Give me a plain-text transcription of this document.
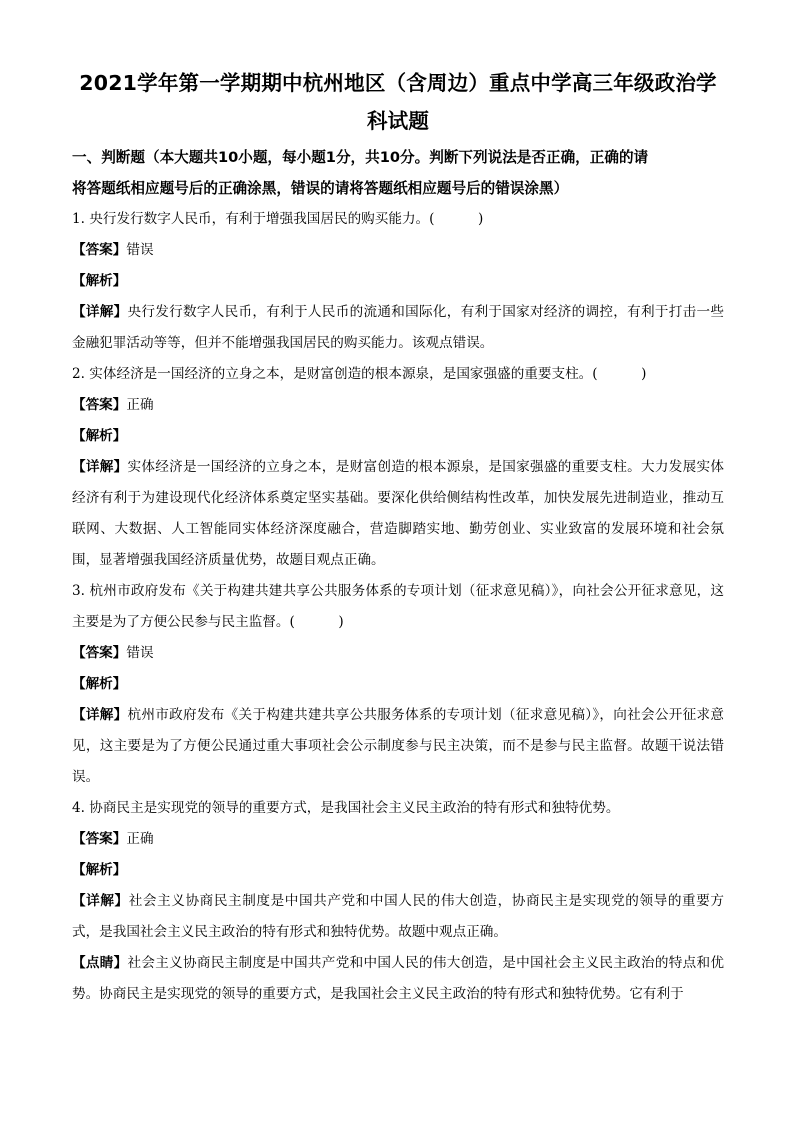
2021学年第一学期期中杭州地区（含周边）重点中学高三年级政治学
科试题
一、判断题（本大题共10小题，每小题1分，共10分。判断下列说法是否正确，正确的请
将答题纸相应题号后的正确涂黑，错误的请将答题纸相应题号后的错误涂黑）

1. 央行发行数字人民币，有利于增强我国居民的购买能力。(	)

【答案】错误

【解析】

【详解】央行发行数字人民币，有利于人民币的流通和国际化，有利于国家对经济的调控，有利于打击一些金融犯罪活动等等，但并不能增强我国居民的购买能力。该观点错误。

2. 实体经济是一国经济的立身之本，是财富创造的根本源泉，是国家强盛的重要支柱。(	)

【答案】正确

【解析】

【详解】实体经济是一国经济的立身之本，是财富创造的根本源泉，是国家强盛的重要支柱。大力发展实体经济有利于为建设现代化经济体系奠定坚实基础。要深化供给侧结构性改革，加快发展先进制造业，推动互联网、大数据、人工智能同实体经济深度融合，营造脚踏实地、勤劳创业、实业致富的发展环境和社会氛围，显著增强我国经济质量优势，故题目观点正确。

3. 杭州市政府发布《关于构建共建共享公共服务体系的专项计划（征求意见稿）》，向社会公开征求意见，这主要是为了方便公民参与民主监督。(	)

【答案】错误

【解析】

【详解】杭州市政府发布《关于构建共建共享公共服务体系的专项计划（征求意见稿）》，向社会公开征求意见，这主要是为了方便公民通过重大事项社会公示制度参与民主决策，而不是参与民主监督。故题干说法错误。

4. 协商民主是实现党的领导的重要方式，是我国社会主义民主政治的特有形式和独特优势。

【答案】正确

【解析】

【详解】社会主义协商民主制度是中国共产党和中国人民的伟大创造，协商民主是实现党的领导的重要方式，是我国社会主义民主政治的特有形式和独特优势。故题中观点正确。

【点睛】社会主义协商民主制度是中国共产党和中国人民的伟大创造，是中国社会主义民主政治的特点和优势。协商民主是实现党的领导的重要方式，是我国社会主义民主政治的特有形式和独特优势。它有利于
